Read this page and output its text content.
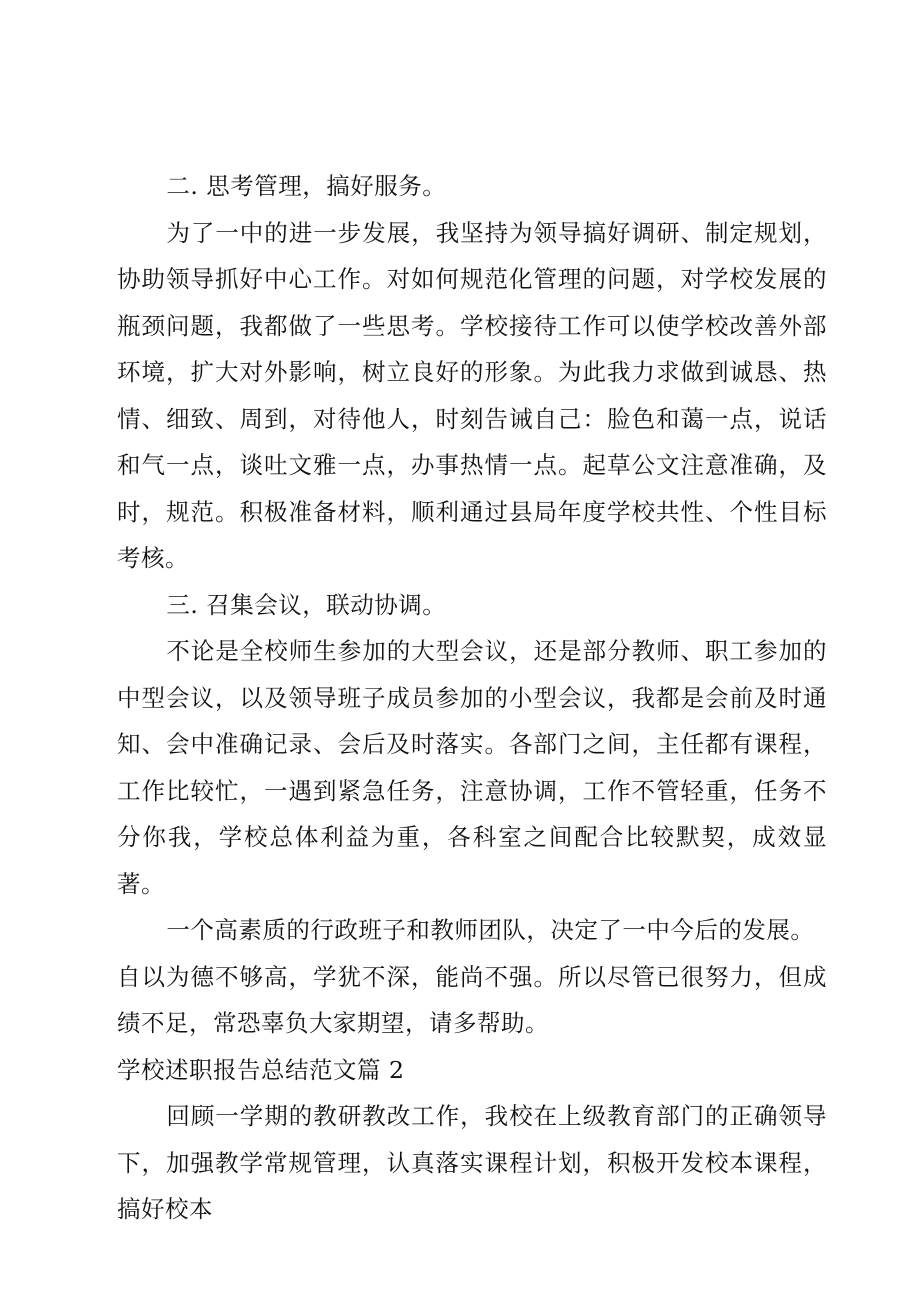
二. 思考管理，搞好服务。

为了一中的进一步发展，我坚持为领导搞好调研、制定规划，协助领导抓好中心工作。对如何规范化管理的问题，对学校发展的瓶颈问题，我都做了一些思考。学校接待工作可以使学校改善外部环境，扩大对外影响，树立良好的形象。为此我力求做到诚恳、热情、细致、周到，对待他人，时刻告诫自己：脸色和蔼一点，说话和气一点，谈吐文雅一点，办事热情一点。起草公文注意准确，及时，规范。积极准备材料，顺利通过县局年度学校共性、个性目标考核。

三. 召集会议，联动协调。

不论是全校师生参加的大型会议，还是部分教师、职工参加的中型会议，以及领导班子成员参加的小型会议，我都是会前及时通知、会中准确记录、会后及时落实。各部门之间，主任都有课程，工作比较忙，一遇到紧急任务，注意协调，工作不管轻重，任务不分你我，学校总体利益为重，各科室之间配合比较默契，成效显著。

一个高素质的行政班子和教师团队，决定了一中今后的发展。

自以为德不够高，学犹不深，能尚不强。所以尽管已很努力，但成绩不足，常恐辜负大家期望，请多帮助。

学校述职报告总结范文篇 2

回顾一学期的教研教改工作，我校在上级教育部门的正确领导下，加强教学常规管理，认真落实课程计划，积极开发校本课程，搞好校本
